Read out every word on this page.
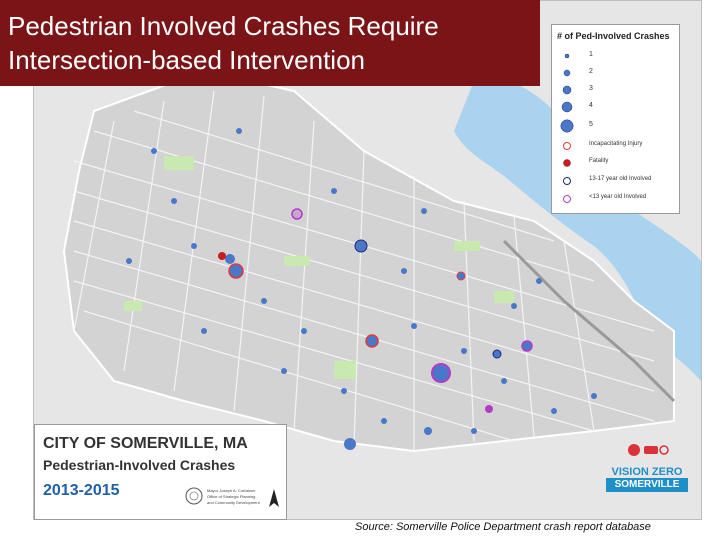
Pedestrian Involved Crashes Require
Intersection-based Intervention
# of Ped-Involved Crashes
1
2
3
4
5
Incapacitating Injury
Fatality
13-17 year old Involved
<13 year old Involved
CITY OF SOMERVILLE, MA
Pedestrian-Involved Crashes
2013-2015	Mayor Joseph A. Curtatone
Office of Strategic Planning
and Community Development
VISION ZERO
SOMERVILLE
Source: Somerville Police Department crash report database
